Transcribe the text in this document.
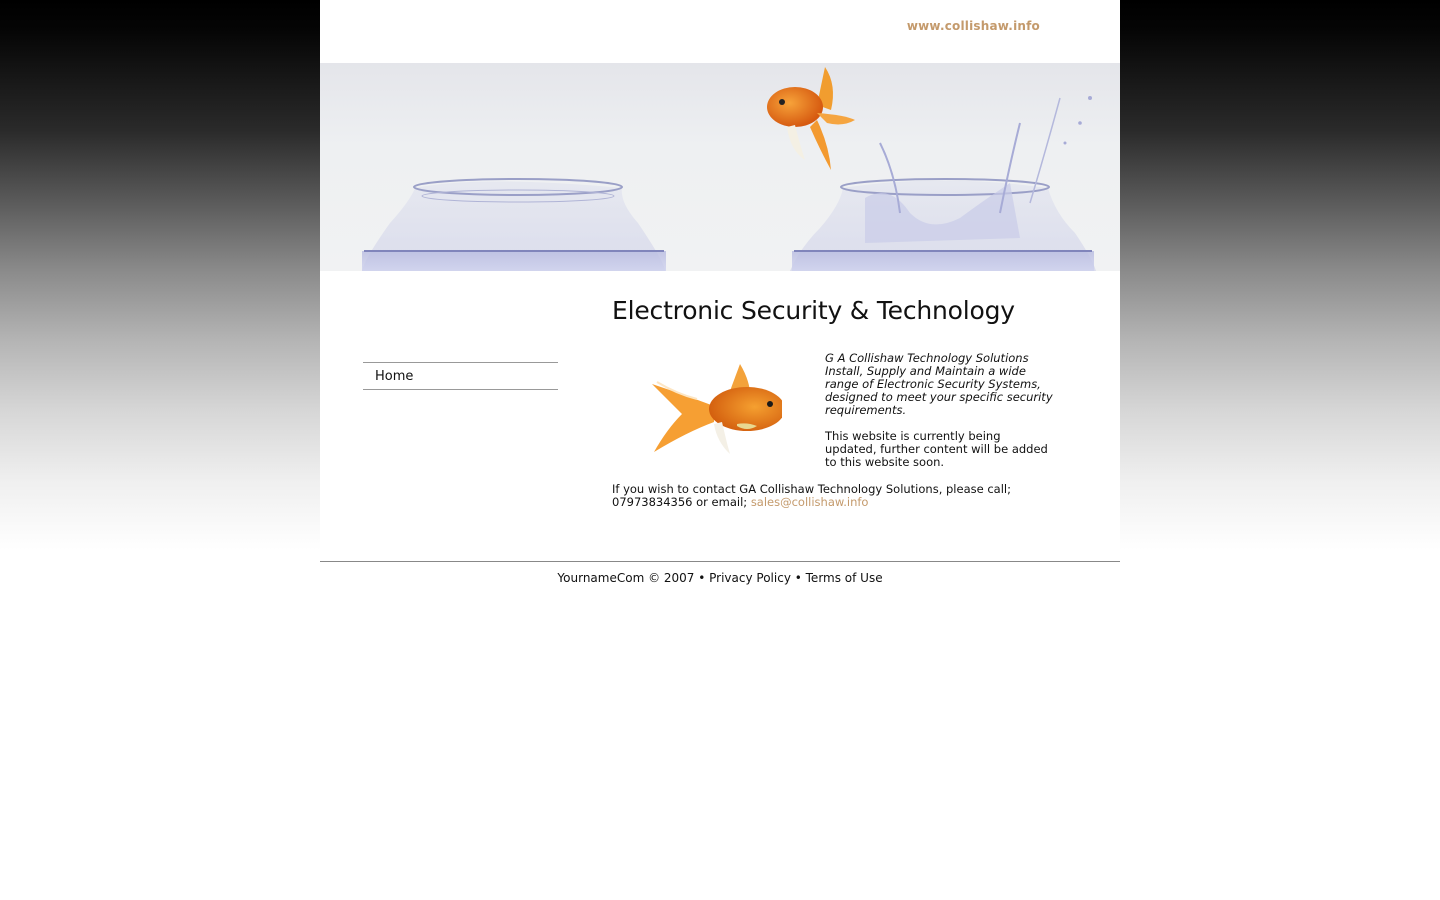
www.collishaw.info
Home
Electronic Security & Technology

G A Collishaw Technology Solutions Install, Supply and Maintain a wide range of Electronic Security Systems, designed to meet your specific security requirements.

This website is currently being updated, further content will be added to this website soon.

If you wish to contact GA Collishaw Technology Solutions, please call; 07973834356 or email; sales@collishaw.info
YournameCom © 2007 • Privacy Policy • Terms of Use
